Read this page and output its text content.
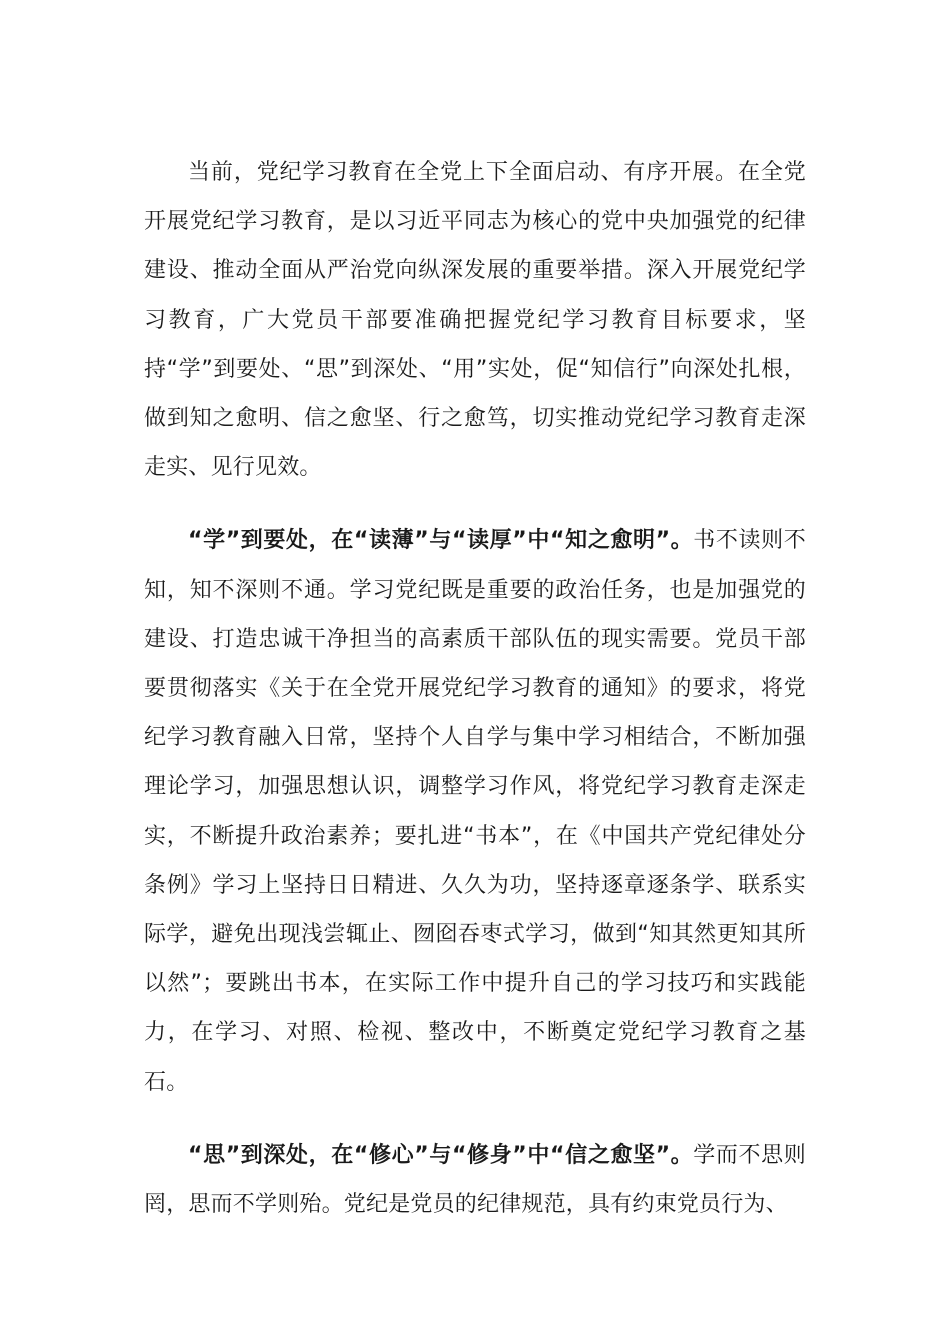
当前，党纪学习教育在全党上下全面启动、有序开展。在全党开展党纪学习教育，是以习近平同志为核心的党中央加强党的纪律建设、推动全面从严治党向纵深发展的重要举措。深入开展党纪学习教育，广大党员干部要准确把握党纪学习教育目标要求，坚持“学”到要处、“思”到深处、“用”实处，促“知信行”向深处扎根，做到知之愈明、信之愈坚、行之愈笃，切实推动党纪学习教育走深走实、见行见效。

“学”到要处，在“读薄”与“读厚”中“知之愈明”。书不读则不知，知不深则不通。学习党纪既是重要的政治任务，也是加强党的建设、打造忠诚干净担当的高素质干部队伍的现实需要。党员干部要贯彻落实《关于在全党开展党纪学习教育的通知》的要求，将党纪学习教育融入日常，坚持个人自学与集中学习相结合，不断加强理论学习，加强思想认识，调整学习作风，将党纪学习教育走深走实，不断提升政治素养；要扎进“书本”，在《中国共产党纪律处分条例》学习上坚持日日精进、久久为功，坚持逐章逐条学、联系实际学，避免出现浅尝辄止、囫囵吞枣式学习，做到“知其然更知其所以然”；要跳出书本，在实际工作中提升自己的学习技巧和实践能力，在学习、对照、检视、整改中，不断奠定党纪学习教育之基石。

“思”到深处，在“修心”与“修身”中“信之愈坚”。学而不思则罔，思而不学则殆。党纪是党员的纪律规范，具有约束党员行为、
